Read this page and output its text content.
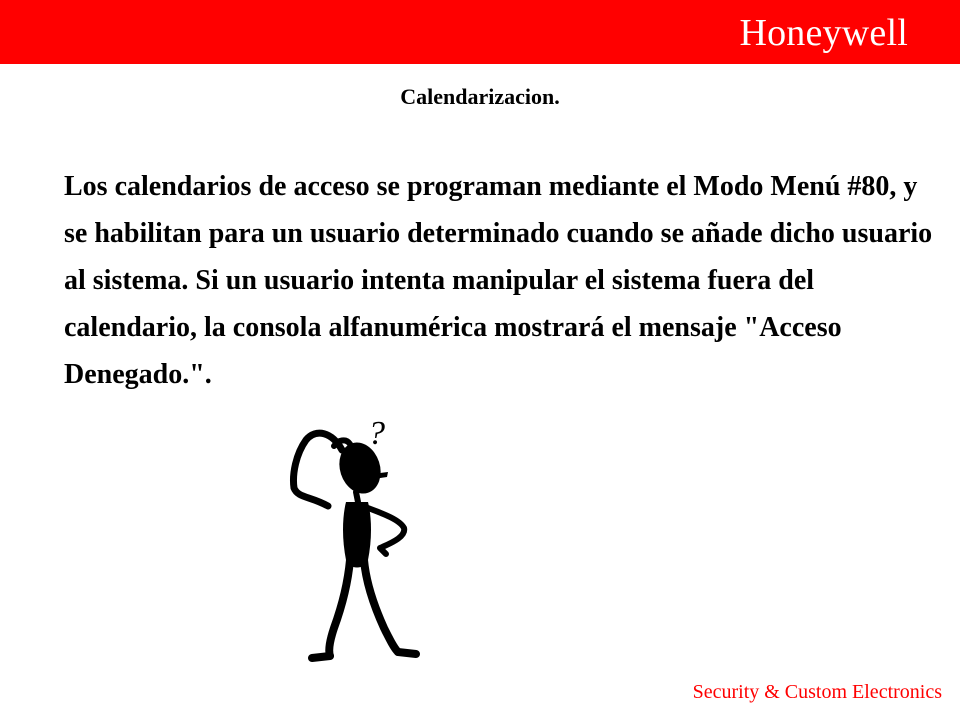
Honeywell
Calendarizacion.

Los calendarios de acceso se programan mediante el Modo Menú #80, y se habilitan para un usuario determinado cuando se añade dicho usuario al sistema. Si un usuario intenta manipular el sistema fuera del calendario, la consola alfanumérica mostrará el mensaje "Acceso Denegado.".

?
Security & Custom Electronics
